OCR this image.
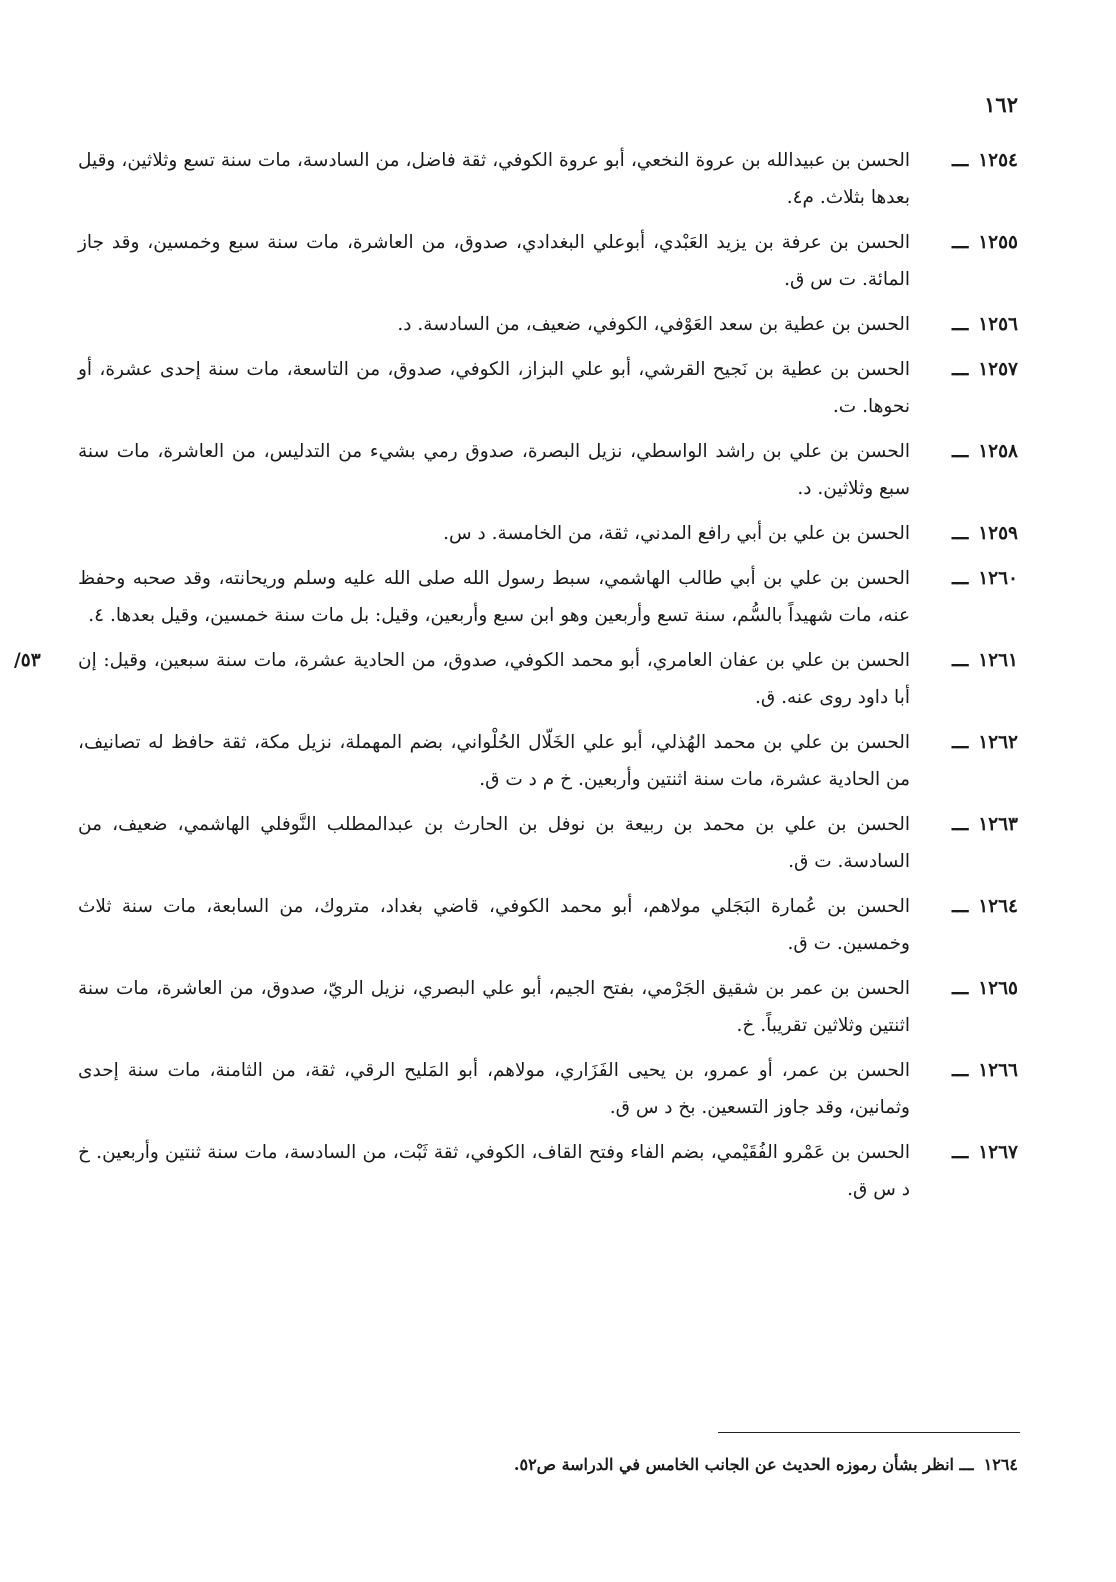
١٦٢
١٢٥٤ـــ
الحسن بن عبيدالله بن عروة النخعي، أبو عروة الكوفي، ثقة فاضل، من السادسة، مات سنة تسع وثلاثين، وقيل بعدها بثلاث. م٤.
١٢٥٥ـــ
الحسن بن عرفة بن يزيد العَبْدي، أبوعلي البغدادي، صدوق، من العاشرة، مات سنة سبع وخمسين، وقد جاز المائة. ت س ق.
١٢٥٦ـــ
الحسن بن عطية بن سعد العَوْفي، الكوفي، ضعيف، من السادسة. د.
١٢٥٧ـــ
الحسن بن عطية بن نَجيح القرشي، أبو علي البزاز، الكوفي، صدوق، من التاسعة، مات سنة إحدى عشرة، أو نحوها. ت.
١٢٥٨ـــ
الحسن بن علي بن راشد الواسطي، نزيل البصرة، صدوق رمي بشيء من التدليس، من العاشرة، مات سنة سبع وثلاثين. د.
١٢٥٩ـــ
الحسن بن علي بن أبي رافع المدني، ثقة، من الخامسة. د س.
١٢٦٠ـــ
الحسن بن علي بن أبي طالب الهاشمي، سبط رسول الله صلى الله عليه وسلم وريحانته، وقد صحبه وحفظ عنه، مات شهيداً بالسُّم، سنة تسع وأربعين وهو ابن سبع وأربعين، وقيل: بل مات سنة خمسين، وقيل بعدها. ٤.
٥٣/	١٢٦١ـــ
الحسن بن علي بن عفان العامري، أبو محمد الكوفي، صدوق، من الحادية عشرة، مات سنة سبعين، وقيل: إن أبا داود روى عنه. ق.
١٢٦٢ـــ
الحسن بن علي بن محمد الهُذلي، أبو علي الخَلّال الحُلْواني، بضم المهملة، نزيل مكة، ثقة حافظ له تصانيف، من الحادية عشرة، مات سنة اثنتين وأربعين. خ م د ت ق.
١٢٦٣ـــ
الحسن بن علي بن محمد بن ربيعة بن نوفل بن الحارث بن عبدالمطلب النَّوفلي الهاشمي، ضعيف، من السادسة. ت ق.
١٢٦٤ـــ
الحسن بن عُمارة البَجَلي مولاهم، أبو محمد الكوفي، قاضي بغداد، متروك، من السابعة، مات سنة ثلاث وخمسين. ت ق.
١٢٦٥ـــ
الحسن بن عمر بن شقيق الجَرْمي، بفتح الجيم، أبو علي البصري، نزيل الريّ، صدوق، من العاشرة، مات سنة اثنتين وثلاثين تقريباً. خ.
١٢٦٦ـــ
الحسن بن عمر، أو عمرو، بن يحيى الفَزَاري، مولاهم، أبو المَليح الرقي، ثقة، من الثامنة، مات سنة إحدى وثمانين، وقد جاوز التسعين. بخ د س ق.
١٢٦٧ـــ
الحسن بن عَمْرو الفُقَيْمي، بضم الفاء وفتح القاف، الكوفي، ثقة ثَبْت، من السادسة، مات سنة ثنتين وأربعين. خ د س ق.
١٢٦٤ـــ انظر بشأن رموزه الحديث عن الجانب الخامس في الدراسة ص٥٢.
